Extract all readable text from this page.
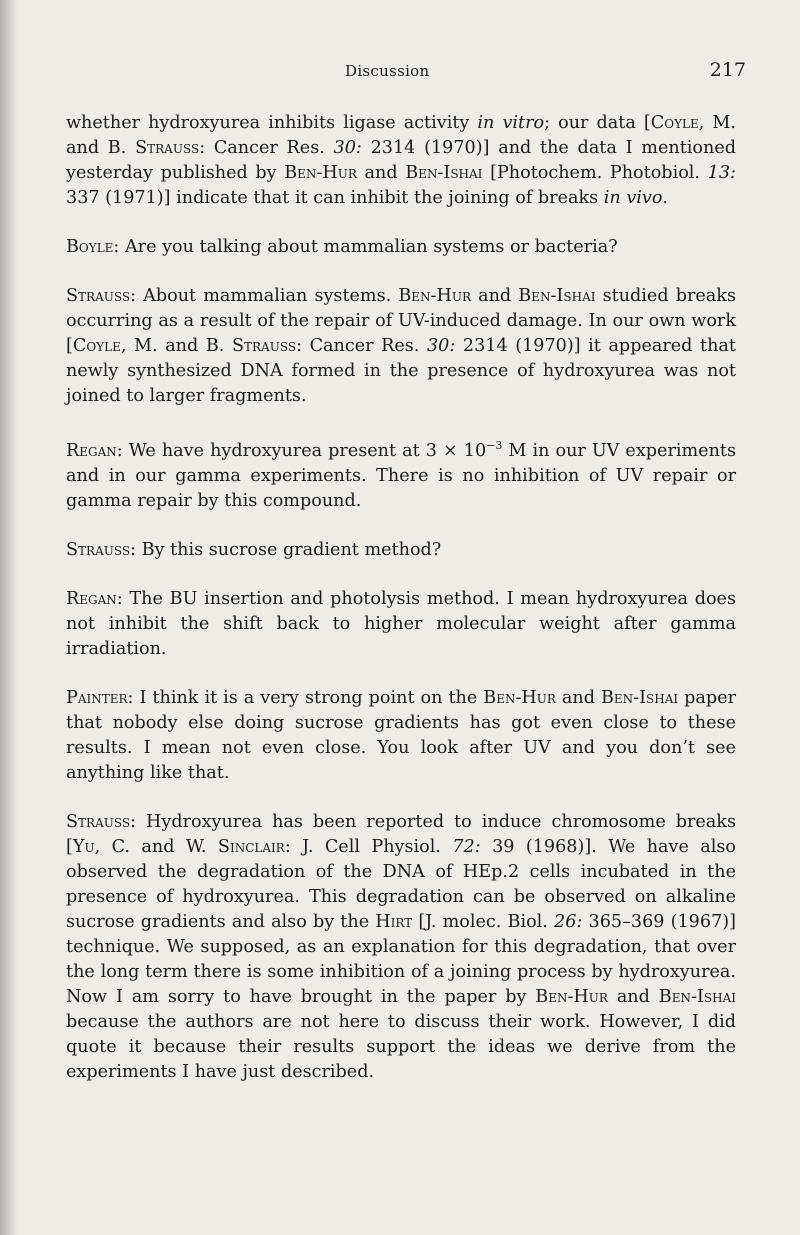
Discussion	217

whether hydroxyurea inhibits ligase activity in vitro; our data [Coyle, M. and B. Strauss: Cancer Res. 30: 2314 (1970)] and the data I mentioned yesterday published by Ben-Hur and Ben-Ishai [Photochem. Photobiol. 13: 337 (1971)] indicate that it can inhibit the joining of breaks in vivo.

Boyle: Are you talking about mammalian systems or bacteria?

Strauss: About mammalian systems. Ben-Hur and Ben-Ishai studied breaks occurring as a result of the repair of UV-induced damage. In our own work [Coyle, M. and B. Strauss: Cancer Res. 30: 2314 (1970)] it appeared that newly synthesized DNA formed in the presence of hydroxyurea was not joined to larger fragments.

Regan: We have hydroxyurea present at $3 \times 10^{-3}$ M in our UV experiments and in our gamma experiments. There is no inhibition of UV repair or gamma repair by this compound.

Strauss: By this sucrose gradient method?

Regan: The BU insertion and photolysis method. I mean hydroxyurea does not inhibit the shift back to higher molecular weight after gamma irradiation.

Painter: I think it is a very strong point on the Ben-Hur and Ben-Ishai paper that nobody else doing sucrose gradients has got even close to these results. I mean not even close. You look after UV and you don’t see anything like that.

Strauss: Hydroxyurea has been reported to induce chromosome breaks [Yu, C. and W. Sinclair: J. Cell Physiol. 72: 39 (1968)]. We have also observed the degradation of the DNA of HEp.2 cells incubated in the presence of hydroxyurea. This degradation can be observed on alkaline sucrose gradients and also by the Hirt [J. molec. Biol. 26: 365–369 (1967)] technique. We supposed, as an explanation for this degradation, that over the long term there is some inhibition of a joining process by hydroxyurea. Now I am sorry to have brought in the paper by Ben-Hur and Ben-Ishai because the authors are not here to discuss their work. However, I did quote it because their results support the ideas we derive from the experiments I have just described.
